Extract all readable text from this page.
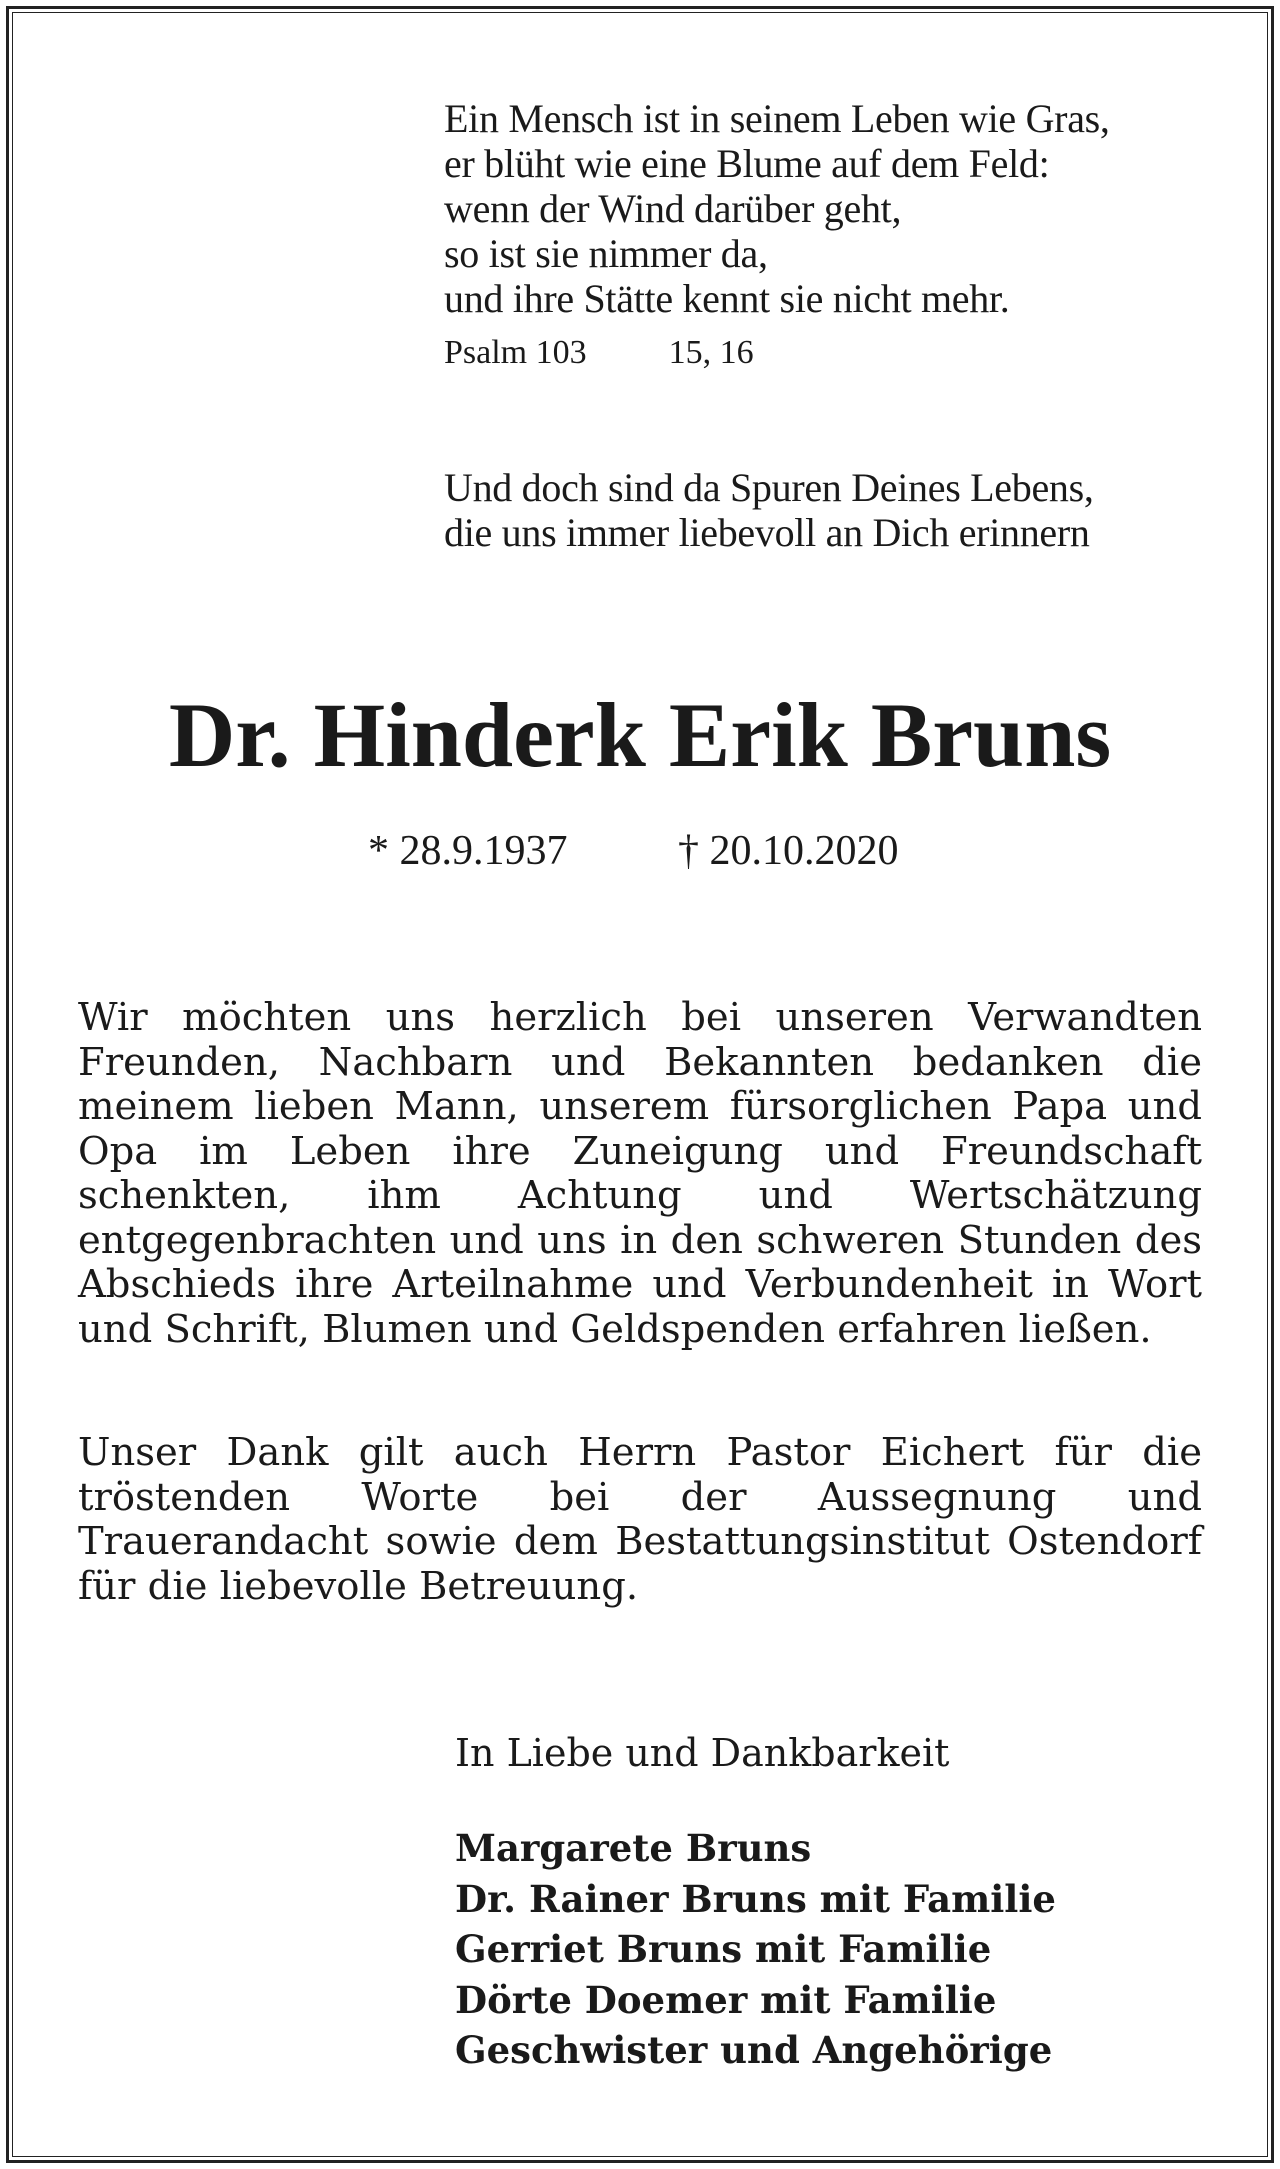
Ein Mensch ist in seinem Leben wie Gras,
er blüht wie eine Blume auf dem Feld:
wenn der Wind darüber geht,
so ist sie nimmer da,
und ihre Stätte kennt sie nicht mehr.
Psalm 103 15, 16
Und doch sind da Spuren Deines Lebens,
die uns immer liebevoll an Dich erinnern
Dr. Hinderk Erik Bruns
* 28.9.1937	† 20.10.2020
Wir möchten uns herzlich bei unseren Verwandten Freunden, Nachbarn und Bekannten bedanken die meinem lieben Mann, unserem fürsorglichen Papa und Opa im Leben ihre Zuneigung und Freundschaft schenkten, ihm Achtung und Wertschätzung entgegenbrachten und uns in den schweren Stunden des Abschieds ihre Arteilnahme und Verbundenheit in Wort und Schrift, Blumen und Geldspenden erfahren ließen.
Unser Dank gilt auch Herrn Pastor Eichert für die tröstenden Worte bei der Aussegnung und Trauerandacht sowie dem Bestattungsinstitut Ostendorf für die liebevolle Betreuung.
In Liebe und Dankbarkeit
Margarete Bruns
Dr. Rainer Bruns mit Familie
Gerriet Bruns mit Familie
Dörte Doemer mit Familie
Geschwister und Angehörige
